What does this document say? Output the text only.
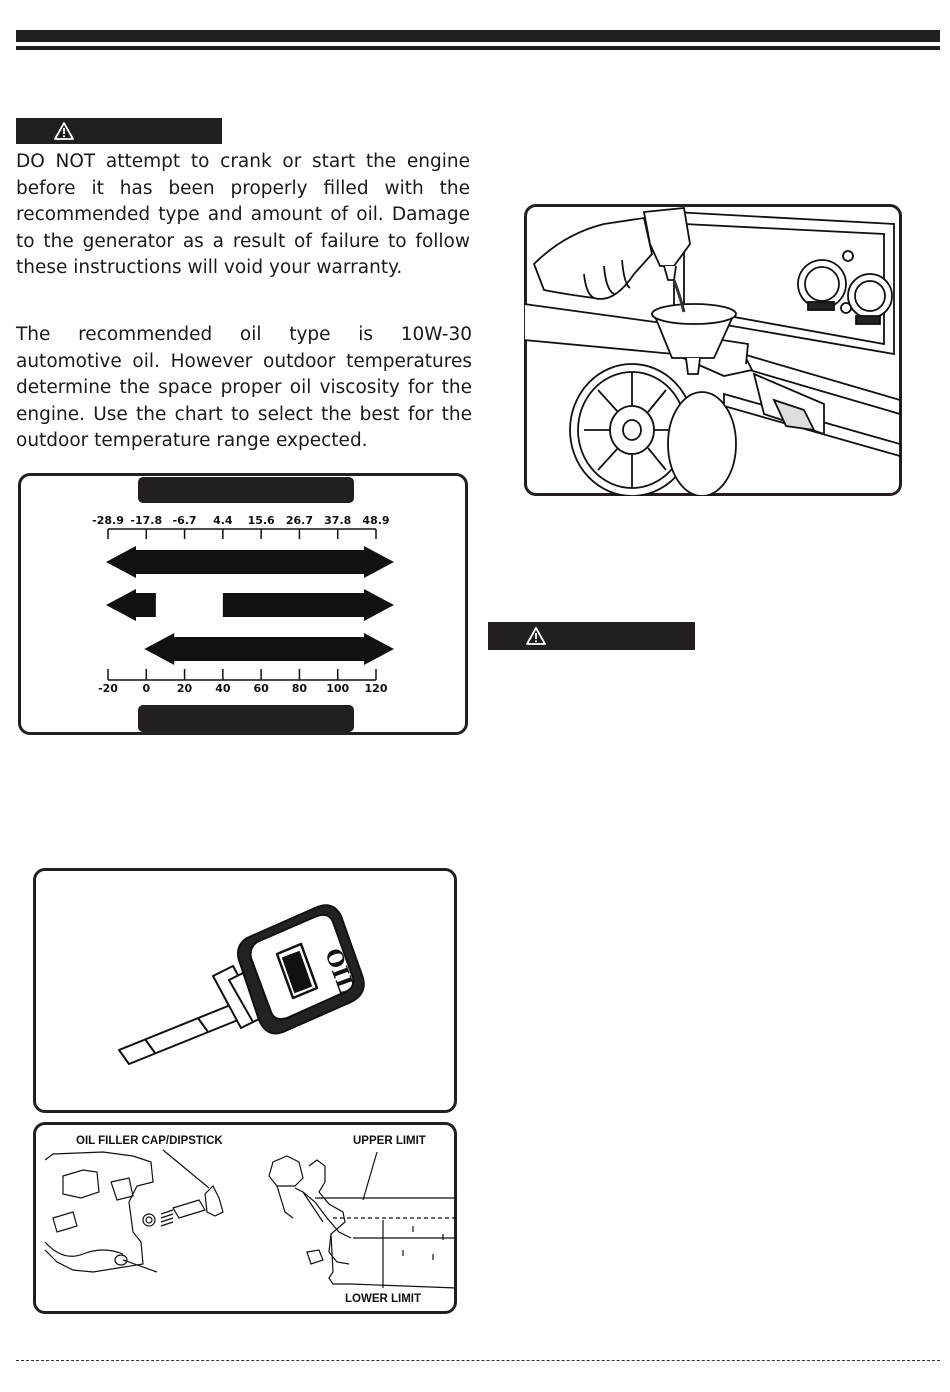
DO NOT attempt to crank or start the engine before it has been properly filled with the recommended type and amount of oil. Damage to the generator as a result of failure to follow these instructions will void your warranty.
The recommended oil type is 10W-30 automotive oil. However outdoor temperatures determine the space proper oil viscosity for the engine. Use the chart to select the best for the outdoor temperature range expected.
-28.9 -17.8 -6.7 4.4 15.6 26.7 37.8 48.9
-20 0 20 40 60 80 100 120
OIL
OIL FILLER CAP/DIPSTICK	UPPER LIMIT
LOWER LIMIT
